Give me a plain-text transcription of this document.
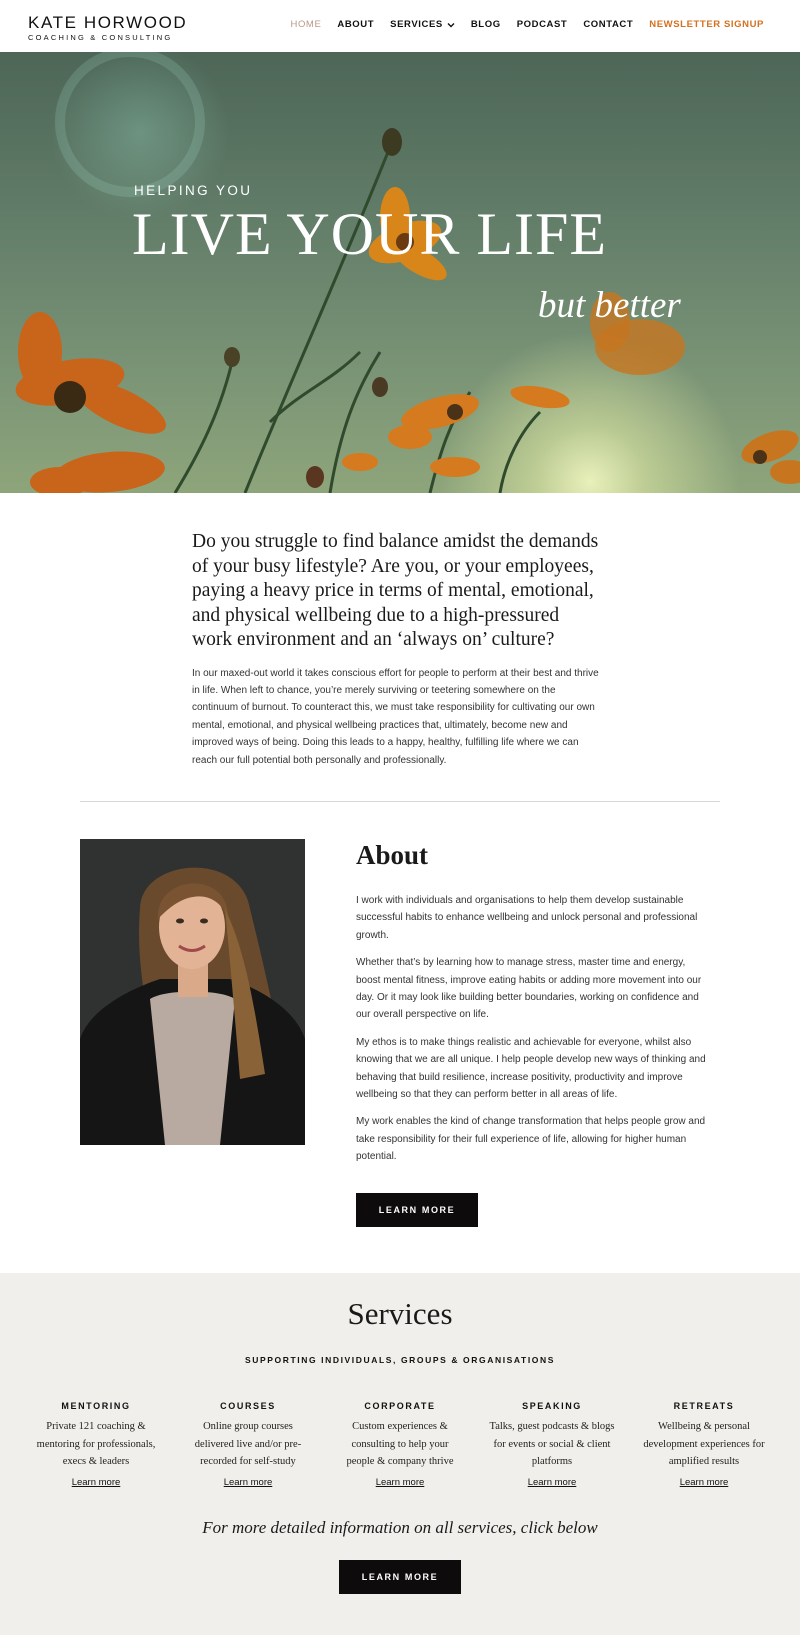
KATE HORWOOD
COACHING & CONSULTING
HOME ABOUT SERVICES	BLOG PODCAST CONTACT NEWSLETTER SIGNUP
HELPING YOU
LIVE YOUR LIFE
but better

Do you struggle to find balance amidst the demands of your busy lifestyle? Are you, or your employees, paying a heavy price in terms of mental, emotional, and physical wellbeing due to a high-pressured work environment and an ‘always on’ culture?

In our maxed-out world it takes conscious effort for people to perform at their best and thrive in life. When left to chance, you’re merely surviving or teetering somewhere on the continuum of burnout. To counteract this, we must take responsibility for cultivating our own mental, emotional, and physical wellbeing practices that, ultimately, become new and improved ways of being. Doing this leads to a happy, healthy, fulfilling life where we can reach our full potential both personally and professionally.

About

I work with individuals and organisations to help them develop sustainable successful habits to enhance wellbeing and unlock personal and professional growth.

Whether that’s by learning how to manage stress, master time and energy, boost mental fitness, improve eating habits or adding more movement into our day. Or it may look like building better boundaries, working on confidence and our overall perspective on life.

My ethos is to make things realistic and achievable for everyone, whilst also knowing that we are all unique. I help people develop new ways of thinking and behaving that build resilience, increase positivity, productivity and improve wellbeing so that they can perform better in all areas of life.

My work enables the kind of change transformation that helps people grow and take responsibility for their full experience of life, allowing for higher human potential.

LEARN MORE
Services
SUPPORTING INDIVIDUALS, GROUPS & ORGANISATIONS
MENTORING
Private 121 coaching & mentoring for professionals, execs & leaders
Learn more
COURSES
Online group courses delivered live and/or pre-recorded for self-study
Learn more
CORPORATE
Custom experiences & consulting to help your people & company thrive
Learn more
SPEAKING
Talks, guest podcasts & blogs for events or social & client platforms
Learn more
RETREATS
Wellbeing & personal development experiences for amplified results
Learn more
For more detailed information on all services, click below
LEARN MORE
